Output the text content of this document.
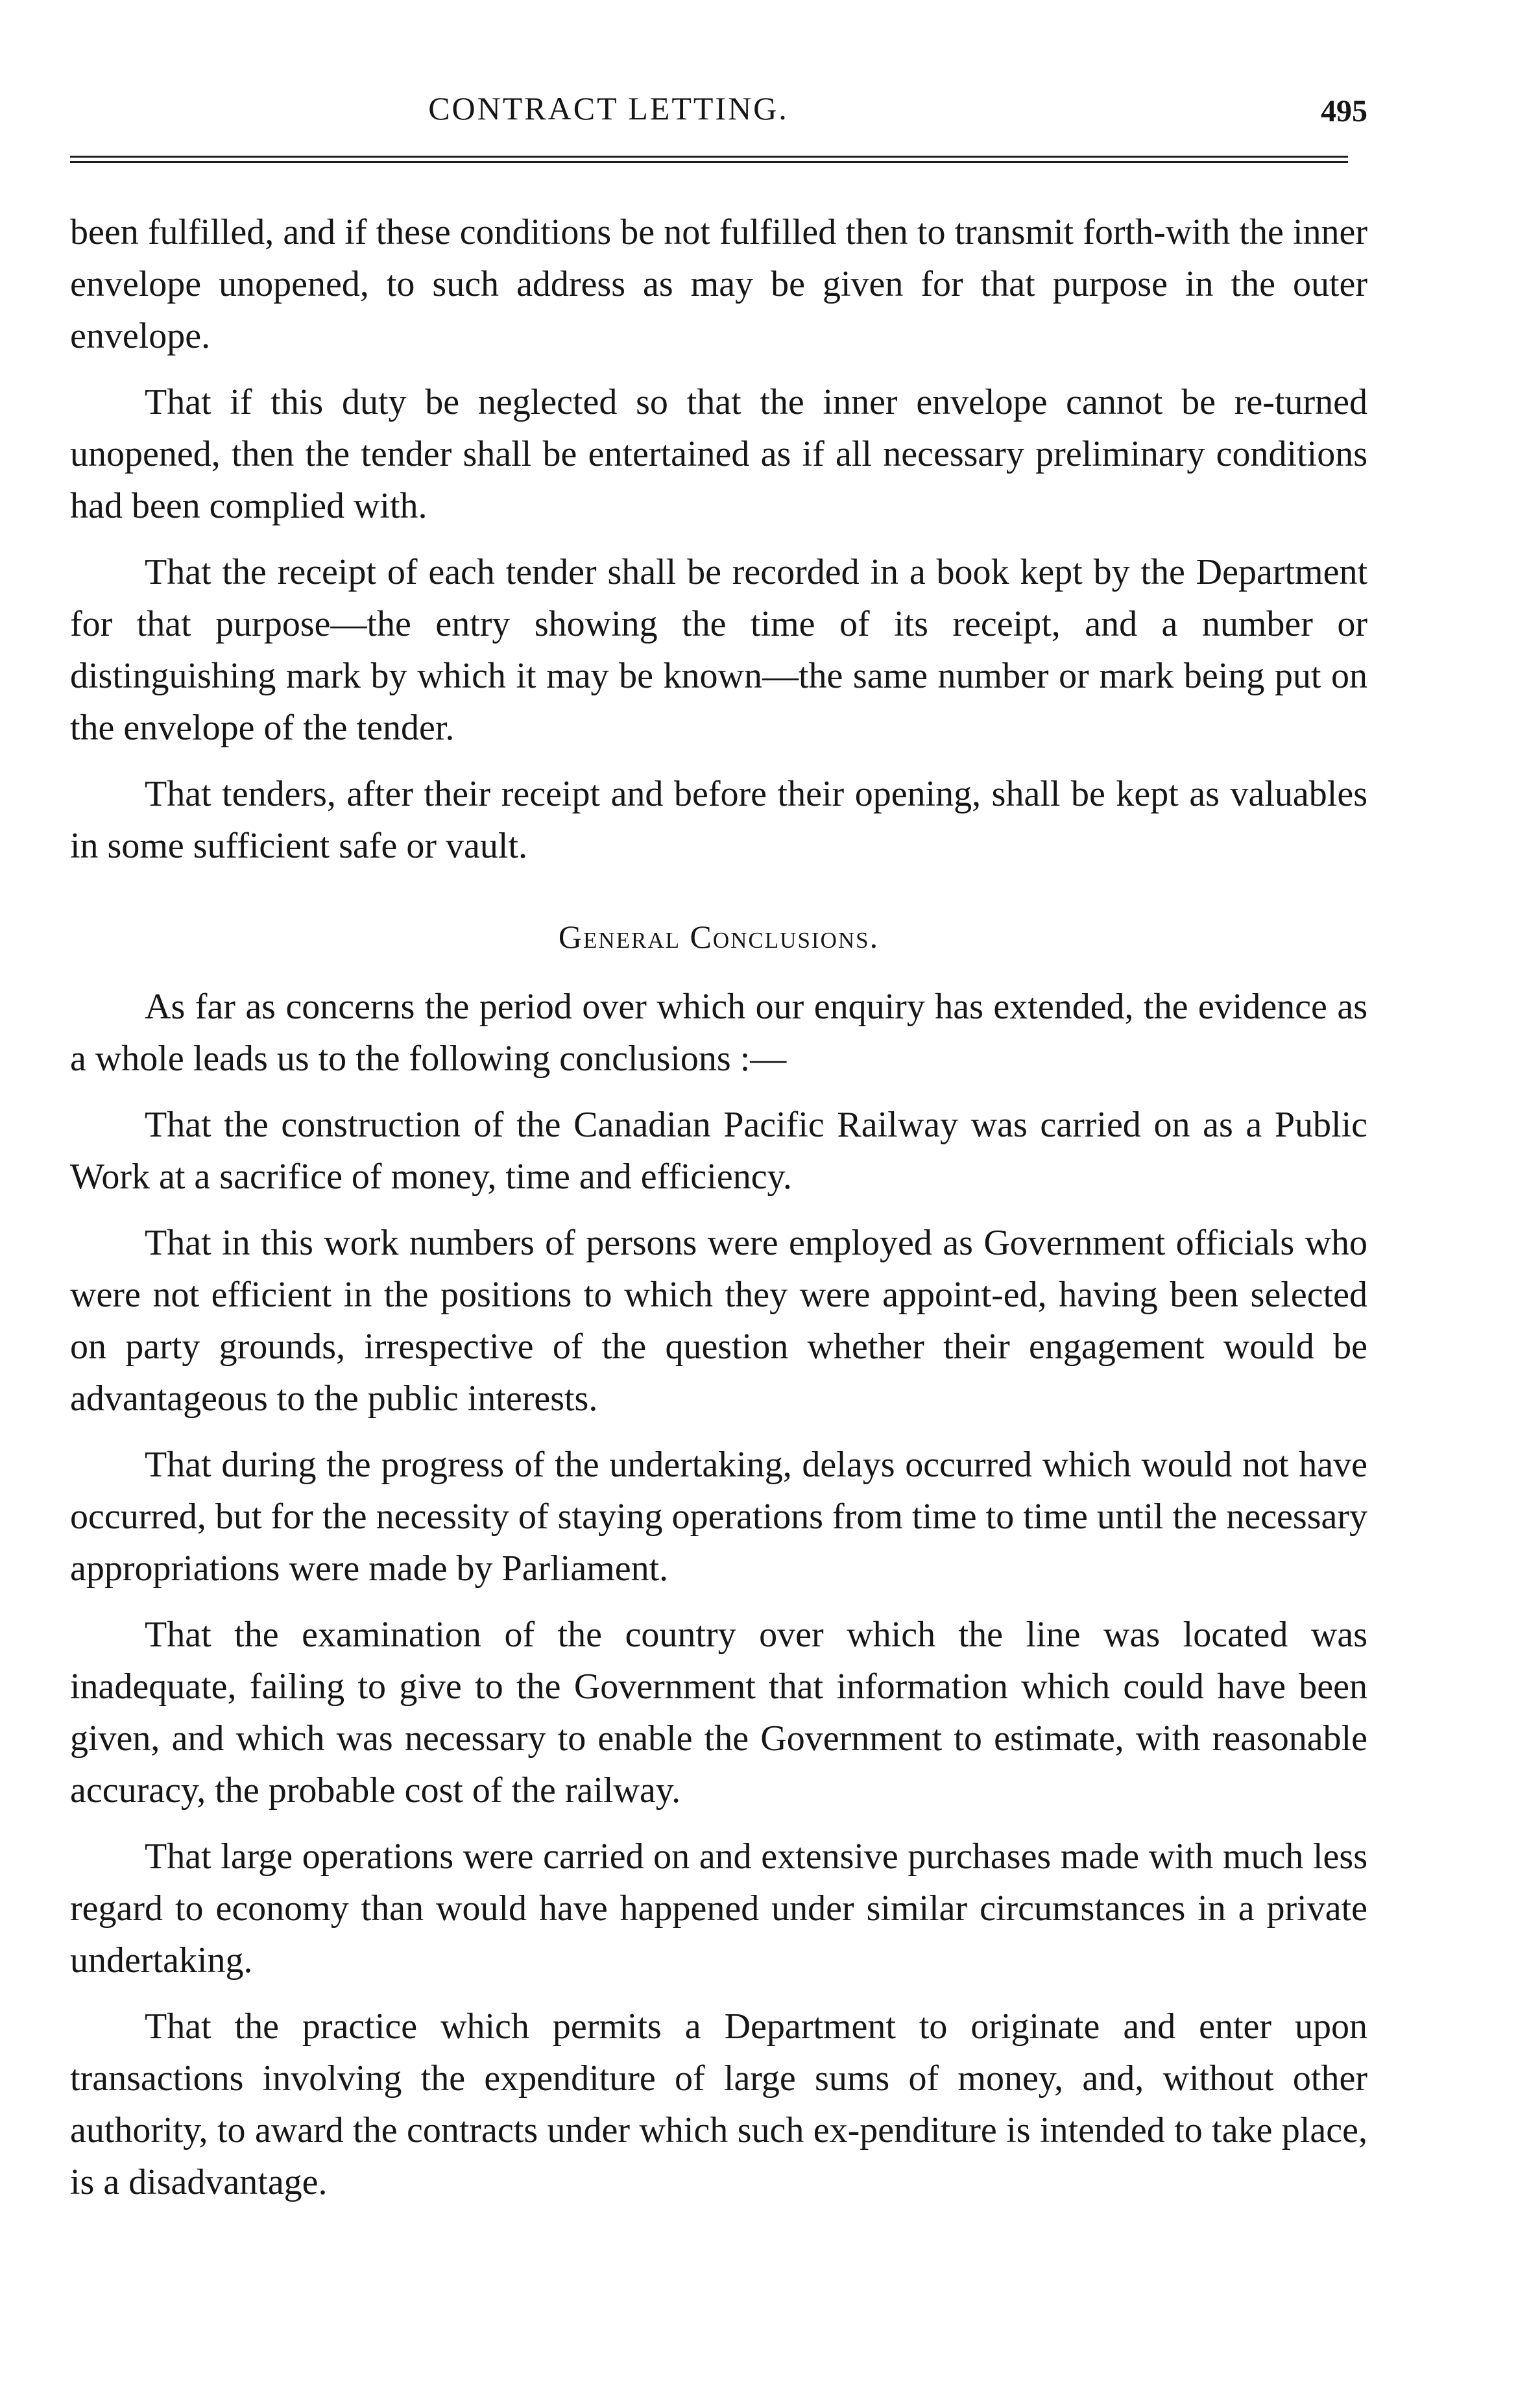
CONTRACT LETTING.	495

been fulfilled, and if these conditions be not fulfilled then to transmit forth-with the inner envelope unopened, to such address as may be given for that purpose in the outer envelope.

That if this duty be neglected so that the inner envelope cannot be re-turned unopened, then the tender shall be entertained as if all necessary preliminary conditions had been complied with.

That the receipt of each tender shall be recorded in a book kept by the Department for that purpose—the entry showing the time of its receipt, and a number or distinguishing mark by which it may be known—the same number or mark being put on the envelope of the tender.

That tenders, after their receipt and before their opening, shall be kept as valuables in some sufficient safe or vault.

General Conclusions.

As far as concerns the period over which our enquiry has extended, the evidence as a whole leads us to the following conclusions :—

That the construction of the Canadian Pacific Railway was carried on as a Public Work at a sacrifice of money, time and efficiency.

That in this work numbers of persons were employed as Government officials who were not efficient in the positions to which they were appoint-ed, having been selected on party grounds, irrespective of the question whether their engagement would be advantageous to the public interests.

That during the progress of the undertaking, delays occurred which would not have occurred, but for the necessity of staying operations from time to time until the necessary appropriations were made by Parliament.

That the examination of the country over which the line was located was inadequate, failing to give to the Government that information which could have been given, and which was necessary to enable the Government to estimate, with reasonable accuracy, the probable cost of the railway.

That large operations were carried on and extensive purchases made with much less regard to economy than would have happened under similar circumstances in a private undertaking.

That the practice which permits a Department to originate and enter upon transactions involving the expenditure of large sums of money, and, without other authority, to award the contracts under which such ex-penditure is intended to take place, is a disadvantage.
